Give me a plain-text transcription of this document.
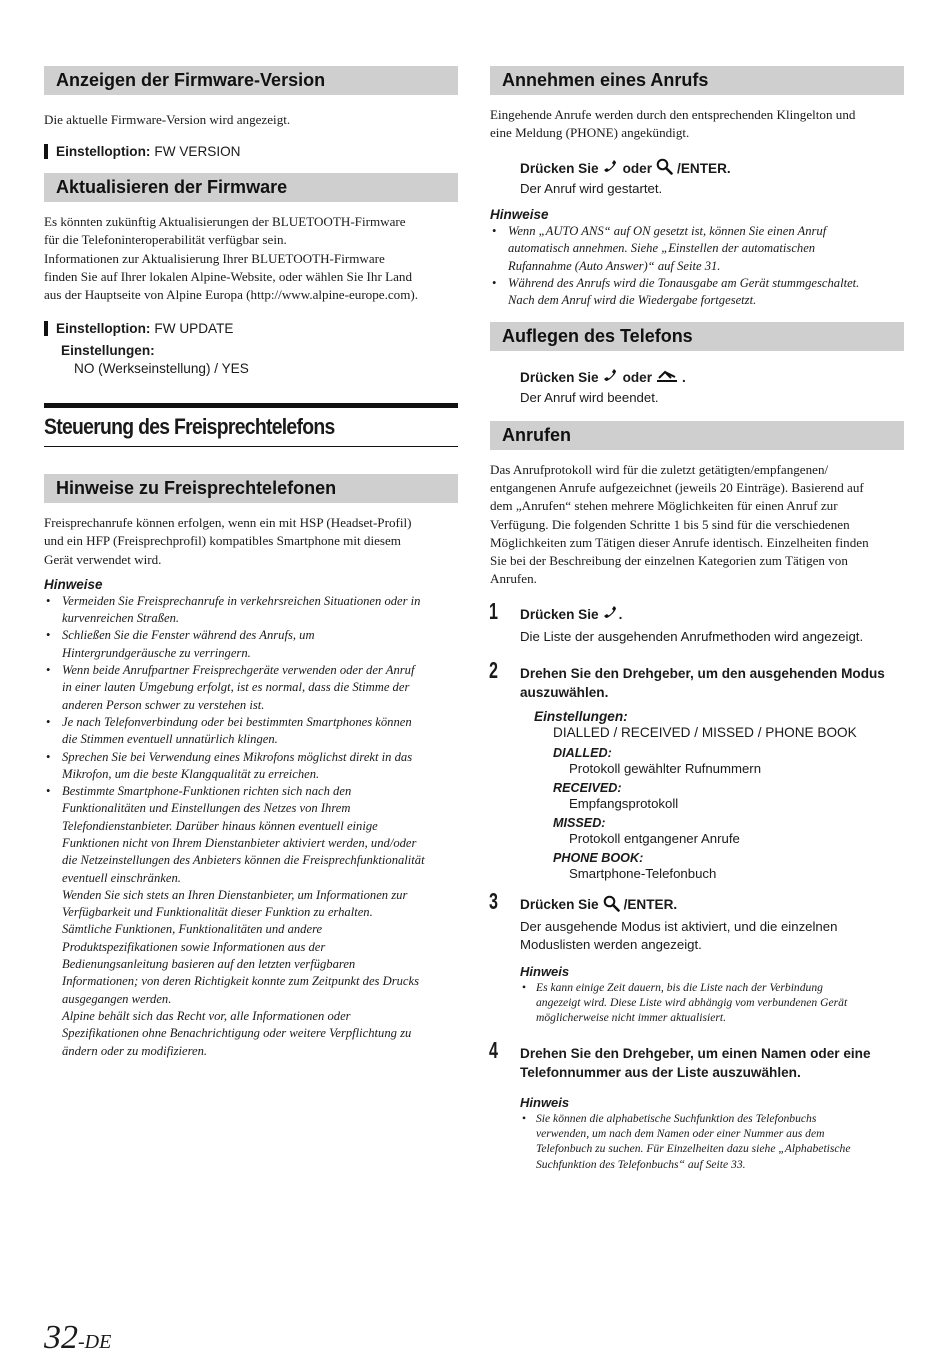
Anzeigen der Firmware-Version

Die aktuelle Firmware-Version wird angezeigt.

Einstelloption: FW VERSION
Aktualisieren der Firmware
Es könnten zukünftig Aktualisierungen der BLUETOOTH-Firmware
für die Telefoninteroperabilität verfügbar sein.
Informationen zur Aktualisierung Ihrer BLUETOOTH-Firmware
finden Sie auf Ihrer lokalen Alpine-Website, oder wählen Sie Ihr Land
aus der Hauptseite von Alpine Europa (http://www.alpine-europe.com).
Einstelloption: FW UPDATE
Einstellungen:
NO (Werkseinstellung) / YES
Steuerung des Freisprechtelefons
Hinweise zu Freisprechtelefonen
Freisprechanrufe können erfolgen, wenn ein mit HSP (Headset-Profil)
und ein HFP (Freisprechprofil) kompatibles Smartphone mit diesem
Gerät verwendet wird.
Hinweise
• Vermeiden Sie Freisprechanrufe in verkehrsreichen Situationen oder in
kurvenreichen Straßen.
• Schließen Sie die Fenster während des Anrufs, um
Hintergrundgeräusche zu verringern.
• Wenn beide Anrufpartner Freisprechgeräte verwenden oder der Anruf
in einer lauten Umgebung erfolgt, ist es normal, dass die Stimme der
anderen Person schwer zu verstehen ist.
• Je nach Telefonverbindung oder bei bestimmten Smartphones können
die Stimmen eventuell unnatürlich klingen.
• Sprechen Sie bei Verwendung eines Mikrofons möglichst direkt in das
Mikrofon, um die beste Klangqualität zu erreichen.
• Bestimmte Smartphone-Funktionen richten sich nach den
Funktionalitäten und Einstellungen des Netzes von Ihrem
Telefondienstanbieter. Darüber hinaus können eventuell einige
Funktionen nicht von Ihrem Dienstanbieter aktiviert werden, und/oder
die Netzeinstellungen des Anbieters können die Freisprechfunktionalität
eventuell einschränken.
Wenden Sie sich stets an Ihren Dienstanbieter, um Informationen zur
Verfügbarkeit und Funktionalität dieser Funktion zu erhalten.
Sämtliche Funktionen, Funktionalitäten und andere
Produktspezifikationen sowie Informationen aus der
Bedienungsanleitung basieren auf den letzten verfügbaren
Informationen; von deren Richtigkeit konnte zum Zeitpunkt des Drucks
ausgegangen werden.
Alpine behält sich das Recht vor, alle Informationen oder
Spezifikationen ohne Benachrichtigung oder weitere Verpflichtung zu
ändern oder zu modifizieren.
Annehmen eines Anrufs
Eingehende Anrufe werden durch den entsprechenden Klingelton und
eine Meldung (PHONE) angekündigt.
Drücken Sie oder /ENTER.
Der Anruf wird gestartet.
Hinweise
• Wenn „AUTO ANS“ auf ON gesetzt ist, können Sie einen Anruf
automatisch annehmen. Siehe „Einstellen der automatischen
Rufannahme (Auto Answer)“ auf Seite 31.
• Während des Anrufs wird die Tonausgabe am Gerät stummgeschaltet.
Nach dem Anruf wird die Wiedergabe fortgesetzt.
Auflegen des Telefons
Drücken Sie oder .
Der Anruf wird beendet.
Anrufen
Das Anrufprotokoll wird für die zuletzt getätigten/empfangenen/
entgangenen Anrufe aufgezeichnet (jeweils 20 Einträge). Basierend auf
dem „Anrufen“ stehen mehrere Möglichkeiten für einen Anruf zur
Verfügung. Die folgenden Schritte 1 bis 5 sind für die verschiedenen
Möglichkeiten zum Tätigen dieser Anrufe identisch. Einzelheiten finden
Sie bei der Beschreibung der einzelnen Kategorien zum Tätigen von
Anrufen.
1 Drücken Sie .
Die Liste der ausgehenden Anrufmethoden wird angezeigt.
2 Drehen Sie den Drehgeber, um den ausgehenden Modus
auszuwählen.
Einstellungen:
DIALLED / RECEIVED / MISSED / PHONE BOOK
DIALLED:
Protokoll gewählter Rufnummern
RECEIVED:
Empfangsprotokoll
MISSED:
Protokoll entgangener Anrufe
PHONE BOOK:
Smartphone-Telefonbuch
3 Drücken Sie /ENTER.
Der ausgehende Modus ist aktiviert, und die einzelnen
Moduslisten werden angezeigt.
Hinweis
• Es kann einige Zeit dauern, bis die Liste nach der Verbindung
angezeigt wird. Diese Liste wird abhängig vom verbundenen Gerät
möglicherweise nicht immer aktualisiert.
4 Drehen Sie den Drehgeber, um einen Namen oder eine
Telefonnummer aus der Liste auszuwählen.
Hinweis
• Sie können die alphabetische Suchfunktion des Telefonbuchs
verwenden, um nach dem Namen oder einer Nummer aus dem
Telefonbuch zu suchen. Für Einzelheiten dazu siehe „Alphabetische
Suchfunktion des Telefonbuchs“ auf Seite 33.
32-DE
